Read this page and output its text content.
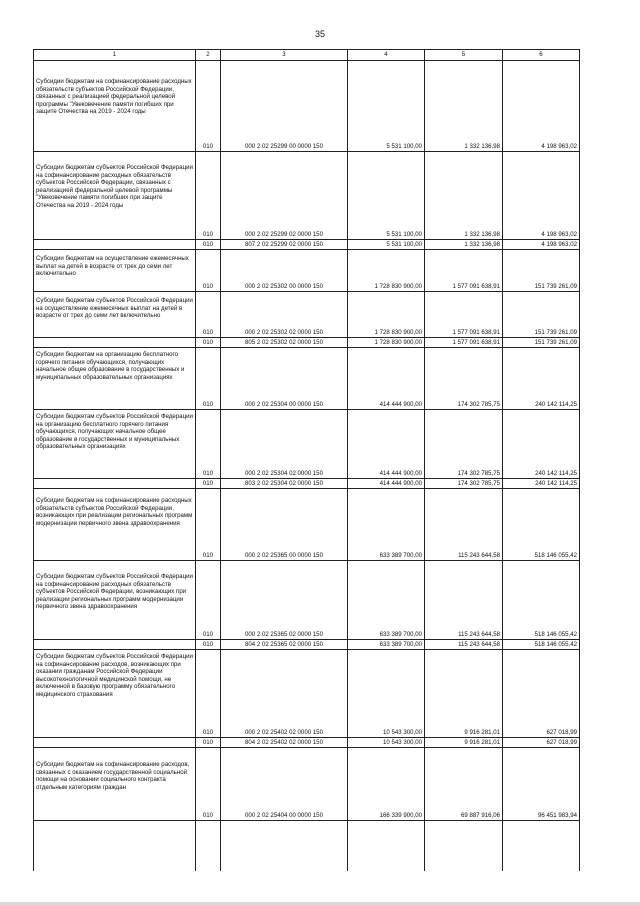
35
1	2	3	4	5	6
Субсидии бюджетам на софинансирование расходных обязательств субъектов Российской Федерации, связанных с реализацией федеральной целевой программы "Увековечение памяти погибших при защите Отечества на 2019 - 2024 годы	010	000 2 02 25299 00 0000 150	5 531 100,00	1 332 136,98	4 198 963,02
Субсидии бюджетам субъектов Российской Федерации на софинансирование расходных обязательств субъектов Российской Федерации, связанных с реализацией федеральной целевой программы "Увековечение памяти погибших при защите Отечества на 2019 - 2024 годы	010	000 2 02 25299 02 0000 150	5 531 100,00	1 332 136,98	4 198 963,02
	010	807 2 02 25299 02 0000 150	5 531 100,00	1 332 136,98	4 198 963,02
Субсидии бюджетам на осуществление ежемесячных выплат на детей в возрасте от трех до семи лет включительно	010	000 2 02 25302 00 0000 150	1 728 830 900,00	1 577 091 638,91	151 739 261,09
Субсидии бюджетам субъектов Российской Федерации на осуществление ежемесячных выплат на детей в возрасте от трех до семи лет включительно	010	000 2 02 25302 02 0000 150	1 728 830 900,00	1 577 091 638,91	151 739 261,09
	010	805 2 02 25302 02 0000 150	1 728 830 900,00	1 577 091 638,91	151 739 261,09
Субсидии бюджетам на организацию бесплатного горячего питания обучающихся, получающих начальное общее образование в государственных и муниципальных образовательных организациях	010	000 2 02 25304 00 0000 150	414 444 900,00	174 302 785,75	240 142 114,25
Субсидии бюджетам субъектов Российской Федерации на организацию бесплатного горячего питания обучающихся, получающих начальное общее образование в государственных и муниципальных образовательных организациях	010	000 2 02 25304 02 0000 150	414 444 900,00	174 302 785,75	240 142 114,25
	010	803 2 02 25304 02 0000 150	414 444 900,00	174 302 785,75	240 142 114,25
Субсидии бюджетам на софинансирование расходных обязательств субъектов Российской Федерации, возникающих при реализации региональных программ модернизации первичного звена здравоохранения	010	000 2 02 25365 00 0000 150	633 389 700,00	115 243 644,58	518 146 055,42
Субсидии бюджетам субъектов Российской Федерации на софинансирование расходных обязательств субъектов Российской Федерации, возникающих при реализации региональных программ модернизации первичного звена здравоохранения	010	000 2 02 25365 02 0000 150	633 389 700,00	115 243 644,58	518 146 055,42
	010	804 2 02 25365 02 0000 150	633 389 700,00	115 243 644,58	518 146 055,42
Субсидии бюджетам субъектов Российской Федерации на софинансирование расходов, возникающих при оказании гражданам Российской Федерации высокотехнологичной медицинской помощи, не включенной в базовую программу обязательного медицинского страхования	010	000 2 02 25402 02 0000 150	10 543 300,00	9 916 281,01	627 018,99
	010	804 2 02 25402 02 0000 150	10 543 300,00	9 916 281,01	627 018,99
Субсидии бюджетам на софинансирование расходов, связанных с оказанием государственной социальной помощи на основании социального контракта отдельным категориям граждан	010	000 2 02 25404 00 0000 150	166 339 900,00	69 887 916,06	96 451 983,94
